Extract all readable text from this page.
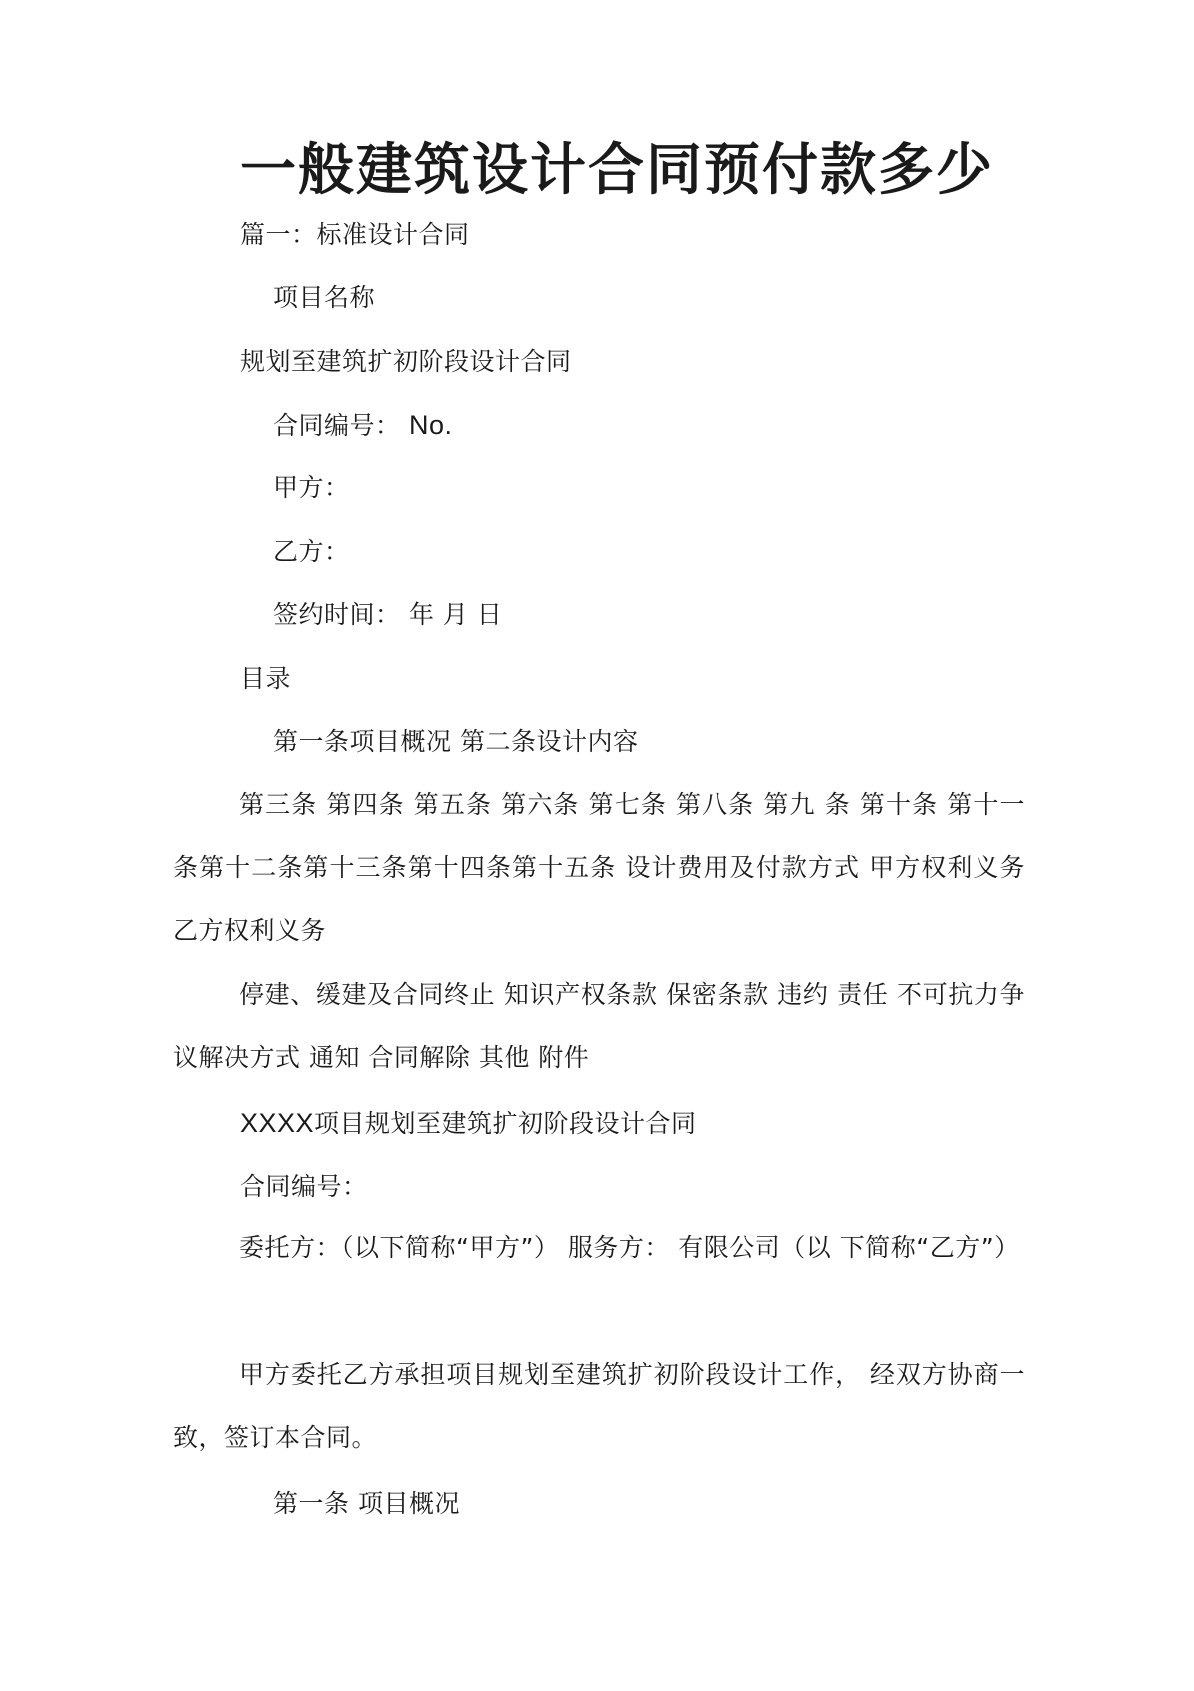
一般建筑设计合同预付款多少
篇一：标准设计合同
项目名称
规划至建筑扩初阶段设计合同
合同编号： No.
甲方：
乙方：
签约时间： 年 月 日
目录
第一条项目概况 第二条设计内容
第三条 第四条 第五条 第六条 第七条 第八条 第九 条 第十条 第十一条第十二条第十三条第十四条第十五条 设计费用及付款方式 甲方权利义务 乙方权利义务
停建、缓建及合同终止 知识产权条款 保密条款 违约 责任 不可抗力争议解决方式 通知 合同解除 其他 附件
XXXX项目规划至建筑扩初阶段设计合同
合同编号：
委托方：（以下简称“甲方”） 服务方： 有限公司（以 下简称“乙方”）
甲方委托乙方承担项目规划至建筑扩初阶段设计工作， 经双方协商一致，签订本合同。
第一条 项目概况
